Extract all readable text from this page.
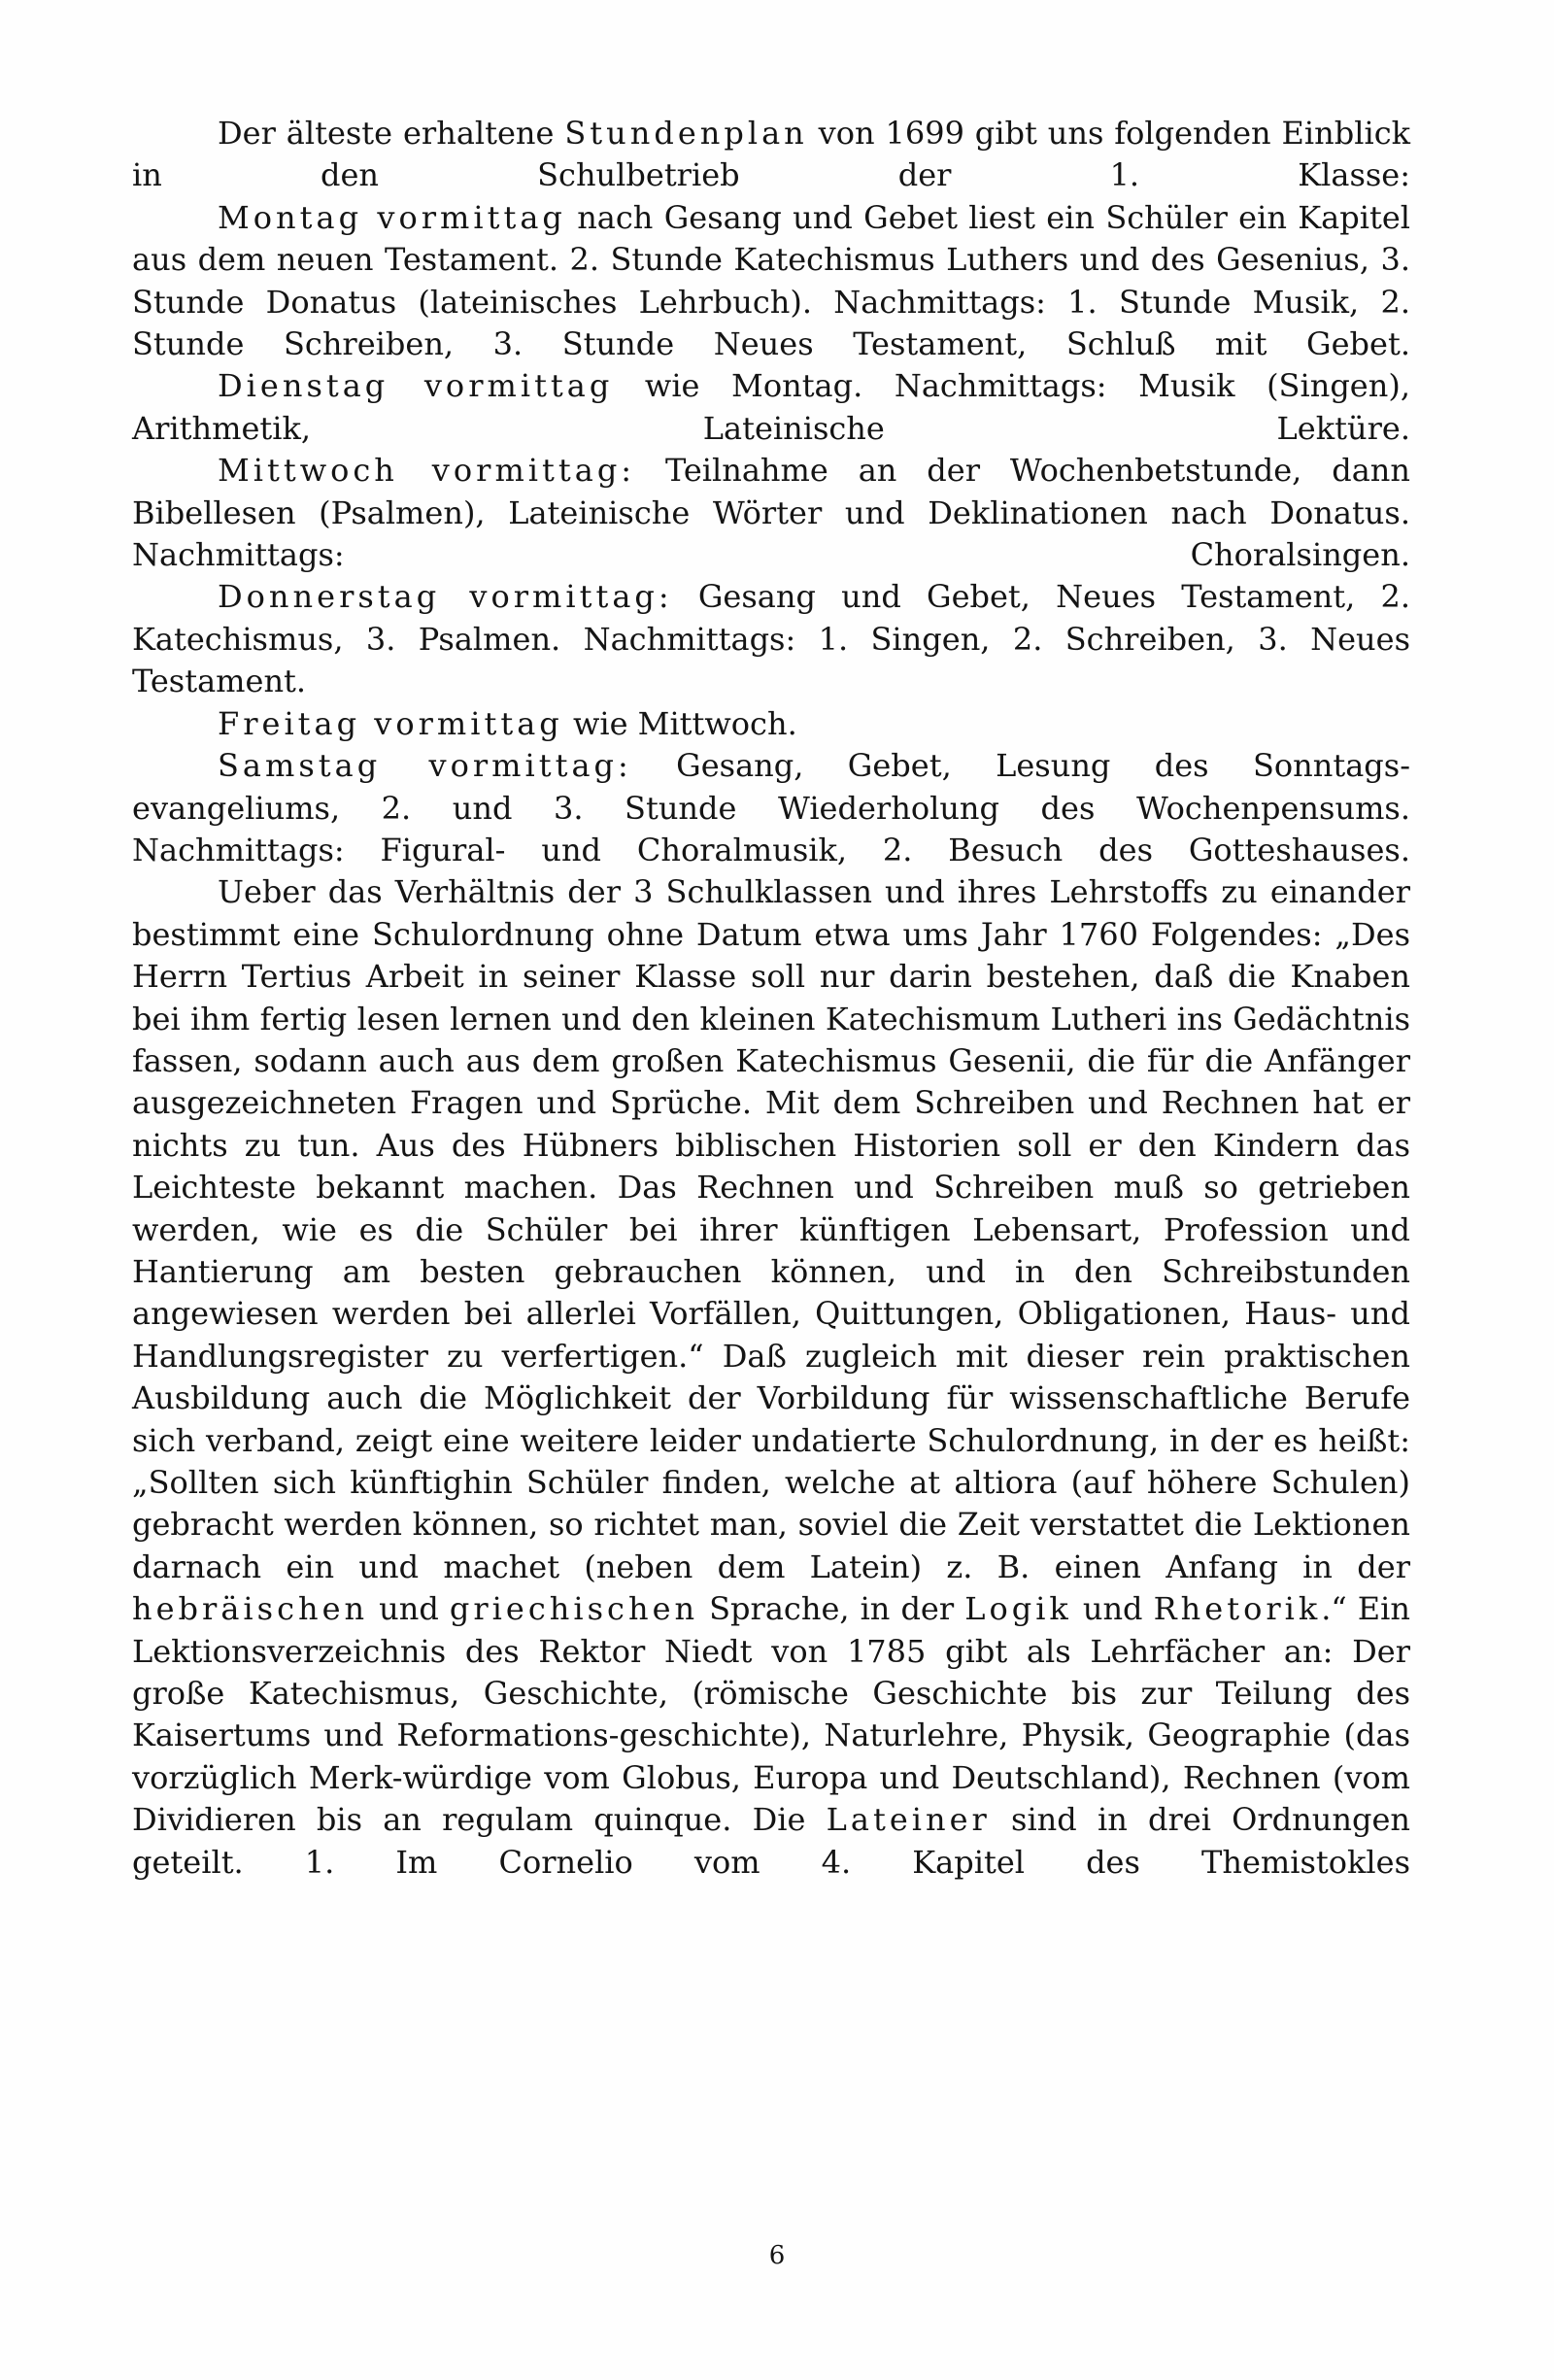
Der älteste erhaltene Stundenplan von 1699 gibt uns folgenden Einblick in den Schulbetrieb der 1. Klasse:

Montag vormittag nach Gesang und Gebet liest ein Schüler ein Kapitel aus dem neuen Testament. 2. Stunde Katechismus Luthers und des Gesenius, 3. Stunde Donatus (lateinisches Lehrbuch). Nachmittags: 1. Stunde Musik, 2. Stunde Schreiben, 3. Stunde Neues Testament, Schluß mit Gebet.

Dienstag vormittag wie Montag. Nachmittags: Musik (Singen), Arithmetik, Lateinische Lektüre.

Mittwoch vormittag: Teilnahme an der Wochenbetstunde, dann Bibellesen (Psalmen), Lateinische Wörter und Deklinationen nach Donatus. Nachmittags: Choralsingen.

Donnerstag vormittag: Gesang und Gebet, Neues Testament, 2. Katechismus, 3. Psalmen. Nachmittags: 1. Singen, 2. Schreiben, 3. Neues Testament.

Freitag vormittag wie Mittwoch.

Samstag vormittag: Gesang, Gebet, Lesung des Sonntags-evangeliums, 2. und 3. Stunde Wiederholung des Wochenpensums. Nachmittags: Figural- und Choralmusik, 2. Besuch des Gotteshauses.

Ueber das Verhältnis der 3 Schulklassen und ihres Lehrstoffs zu einander bestimmt eine Schulordnung ohne Datum etwa ums Jahr 1760 Folgendes: „Des Herrn Tertius Arbeit in seiner Klasse soll nur darin bestehen, daß die Knaben bei ihm fertig lesen lernen und den kleinen Katechismum Lutheri ins Gedächtnis fassen, sodann auch aus dem großen Katechismus Gesenii, die für die Anfänger ausgezeichneten Fragen und Sprüche. Mit dem Schreiben und Rechnen hat er nichts zu tun. Aus des Hübners biblischen Historien soll er den Kindern das Leichteste bekannt machen. Das Rechnen und Schreiben muß so getrieben werden, wie es die Schüler bei ihrer künftigen Lebensart, Profession und Hantierung am besten gebrauchen können, und in den Schreibstunden angewiesen werden bei allerlei Vorfällen, Quittungen, Obligationen, Haus- und Handlungsregister zu verfertigen.“ Daß zugleich mit dieser rein praktischen Ausbildung auch die Möglichkeit der Vorbildung für wissenschaftliche Berufe sich verband, zeigt eine weitere leider undatierte Schulordnung, in der es heißt: „Sollten sich künftighin Schüler finden, welche at altiora (auf höhere Schulen) gebracht werden können, so richtet man, soviel die Zeit verstattet die Lektionen darnach ein und machet (neben dem Latein) z. B. einen Anfang in der hebräischen und griechischen Sprache, in der Logik und Rhetorik.“ Ein Lektionsverzeichnis des Rektor Niedt von 1785 gibt als Lehrfächer an: Der große Katechismus, Geschichte, (römische Geschichte bis zur Teilung des Kaisertums und Reformations-geschichte), Naturlehre, Physik, Geographie (das vorzüglich Merk-würdige vom Globus, Europa und Deutschland), Rechnen (vom Dividieren bis an regulam quinque. Die Lateiner sind in drei Ordnungen geteilt. 1. Im Cornelio vom 4. Kapitel des Themistokles

6
